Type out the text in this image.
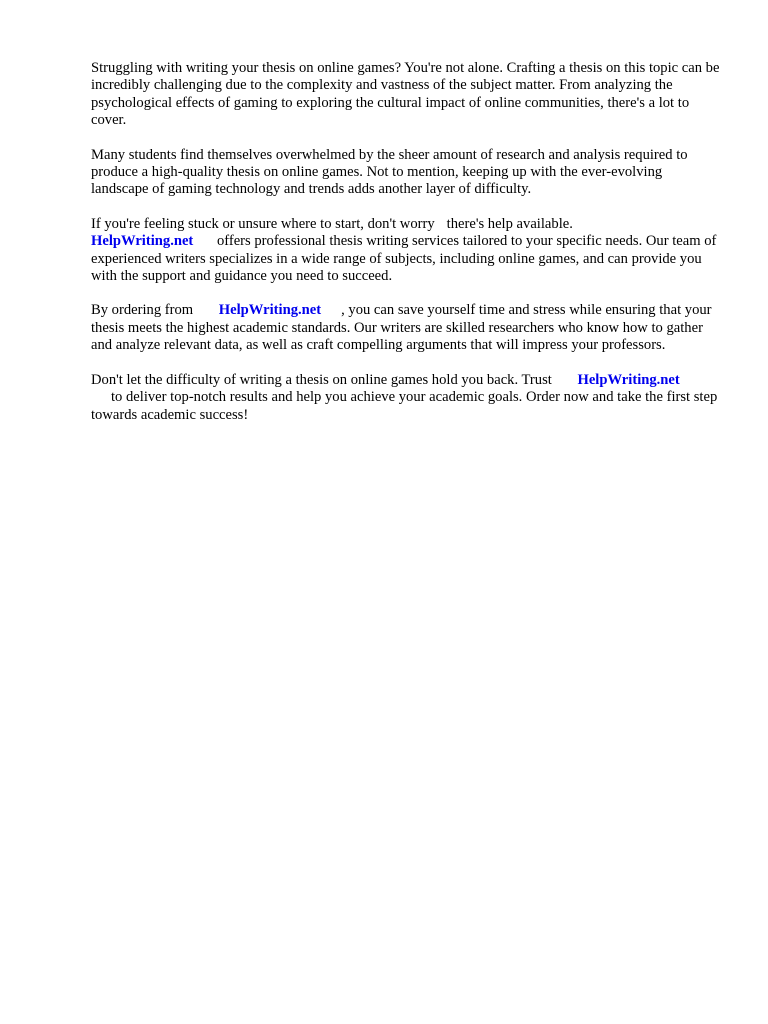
Struggling with writing your thesis on online games? You're not alone. Crafting a thesis on this topic can be incredibly challenging due to the complexity and vastness of the subject matter. From analyzing the psychological effects of gaming to exploring the cultural impact of online communities, there's a lot to cover.

Many students find themselves overwhelmed by the sheer amount of research and analysis required to produce a high-quality thesis on online games. Not to mention, keeping up with the ever-evolving landscape of gaming technology and trends adds another layer of difficulty.

If you're feeling stuck or unsure where to start, don't worry there's help available.
HelpWriting.net offers professional thesis writing services tailored to your specific needs. Our team of experienced writers specializes in a wide range of subjects, including online games, and can provide you with the support and guidance you need to succeed.

By ordering from HelpWriting.net , you can save yourself time and stress while ensuring that your thesis meets the highest academic standards. Our writers are skilled researchers who know how to gather and analyze relevant data, as well as craft compelling arguments that will impress your professors.

Don't let the difficulty of writing a thesis on online games hold you back. Trust HelpWriting.net
to deliver top-notch results and help you achieve your academic goals. Order now and take the first step towards academic success!
